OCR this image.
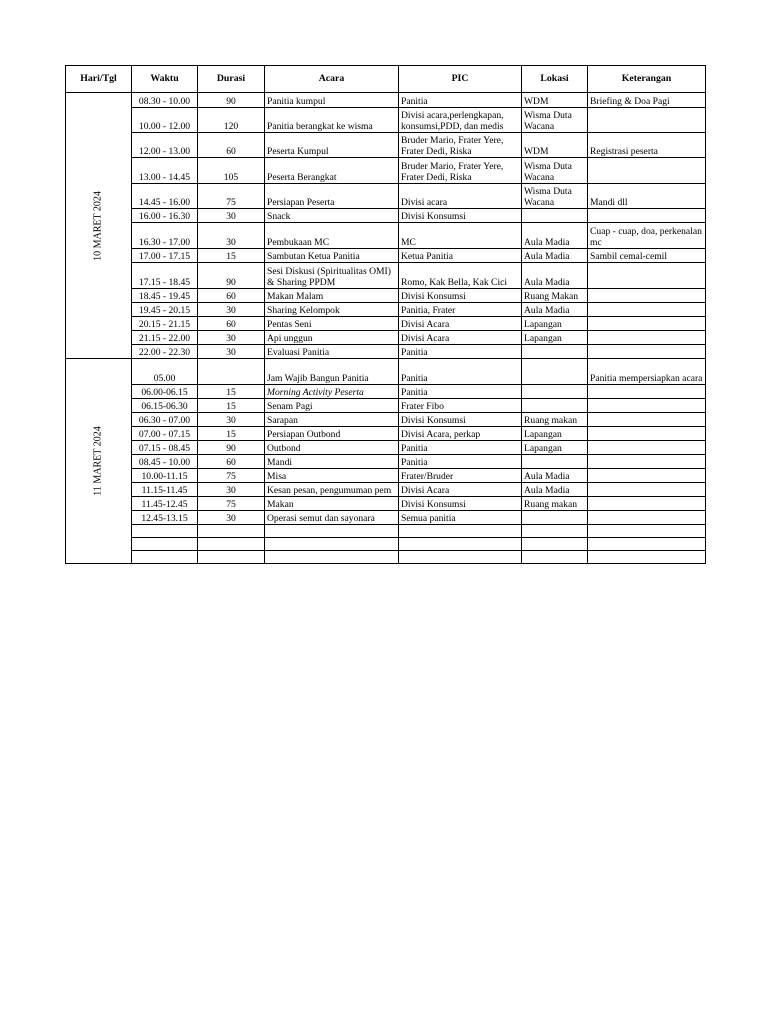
Hari/Tgl	Waktu	Durasi	Acara	PIC	Lokasi	Keterangan

10 MARET 2024	08.30 - 10.00	90	Panitia kumpul	Panitia	WDM	Briefing & Doa Pagi
	10.00 - 12.00	120	Panitia berangkat ke wisma	Divisi acara,perlengkapan, konsumsi,PDD, dan medis	Wisma Duta Wacana	
	12.00 - 13.00	60	Peserta Kumpul	Bruder Mario, Frater Yere, Frater Dedi, Riska	WDM	Registrasi peserta
	13.00 - 14.45	105	Peserta Berangkat	Bruder Mario, Frater Yere, Frater Dedi, Riska	Wisma Duta Wacana	
	14.45 - 16.00	75	Persiapan Peserta	Divisi acara	Wisma Duta Wacana	Mandi dll
	16.00 - 16.30	30	Snack	Divisi Konsumsi		
	16.30 - 17.00	30	Pembukaan MC	MC	Aula Madia	Cuap - cuap, doa, perkenalan mc
	17.00 - 17.15	15	Sambutan Ketua Panitia	Ketua Panitia	Aula Madia	Sambil cemal-cemil
	17.15 - 18.45	90	Sesi Diskusi (Spiritualitas OMI) & Sharing PPDM	Romo, Kak Bella, Kak Cici	Aula Madia	
	18.45 - 19.45	60	Makan Malam	Divisi Konsumsi	Ruang Makan	
	19.45 - 20.15	30	Sharing Kelompok	Panitia, Frater	Aula Madia	
	20.15 - 21.15	60	Pentas Seni	Divisi Acara	Lapangan	
	21.15 - 22.00	30	Api unggun	Divisi Acara	Lapangan	
	22.00 - 22.30	30	Evaluasi Panitia	Panitia		

11 MARET 2024	05.00		Jam Wajib Bangun Panitia	Panitia		Panitia mempersiapkan acara
	06.00-06.15	15	Morning Activity Peserta	Panitia		
	06.15-06.30	15	Senam Pagi	Frater Fibo		
	06.30 - 07.00	30	Sarapan	Divisi Konsumsi	Ruang makan	
	07.00 - 07.15	15	Persiapan Outbond	Divisi Acara, perkap	Lapangan	
	07.15 - 08.45	90	Outbond	Panitia	Lapangan	
	08.45 - 10.00	60	Mandi	Panitia		
	10.00-11.15	75	Misa	Frater/Bruder	Aula Madia	
	11.15-11.45	30	Kesan pesan, pengumuman pem	Divisi Acara	Aula Madia	
	11.45-12.45	75	Makan	Divisi Konsumsi	Ruang makan	
	12.45-13.15	30	Operasi semut dan sayonara	Semua panitia		
